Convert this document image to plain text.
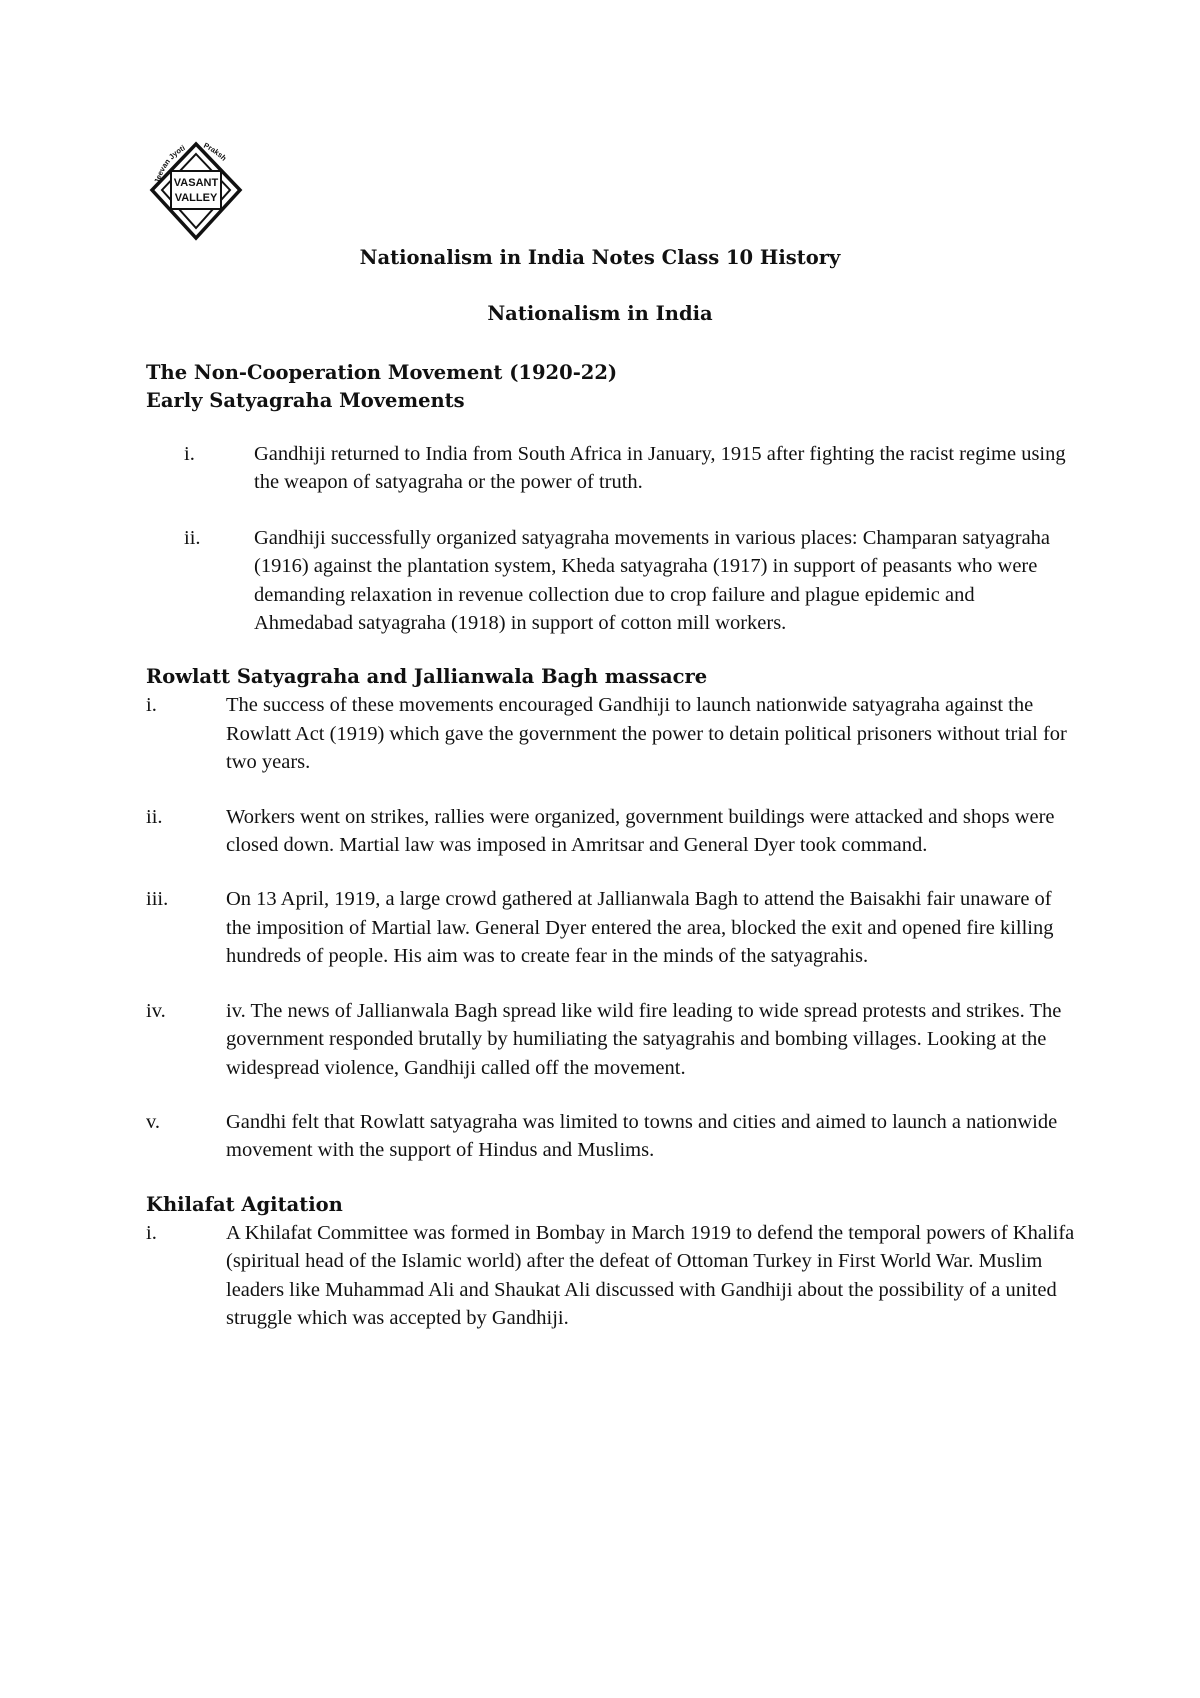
VASANT
VALLEY
Jeevan Jyoti Praksh
Nationalism in India Notes Class 10 History
Nationalism in India
The Non-Cooperation Movement (1920-22)
Early Satyagraha Movements
i.	Gandhiji returned to India from South Africa in January, 1915 after fighting the racist regime using the weapon of satyagraha or the power of truth.
ii.	Gandhiji successfully organized satyagraha movements in various places: Champaran satyagraha (1916) against the plantation system, Kheda satyagraha (1917) in support of peasants who were demanding relaxation in revenue collection due to crop failure and plague epidemic and Ahmedabad satyagraha (1918) in support of cotton mill workers.
Rowlatt Satyagraha and Jallianwala Bagh massacre
i.	The success of these movements encouraged Gandhiji to launch nationwide satyagraha against the Rowlatt Act (1919) which gave the government the power to detain political prisoners without trial for two years.
ii.	Workers went on strikes, rallies were organized, government buildings were attacked and shops were closed down. Martial law was imposed in Amritsar and General Dyer took command.
iii.	On 13 April, 1919, a large crowd gathered at Jallianwala Bagh to attend the Baisakhi fair unaware of the imposition of Martial law. General Dyer entered the area, blocked the exit and opened fire killing hundreds of people. His aim was to create fear in the minds of the satyagrahis.
iv.	iv. The news of Jallianwala Bagh spread like wild fire leading to wide spread protests and strikes. The government responded brutally by humiliating the satyagrahis and bombing villages. Looking at the widespread violence, Gandhiji called off the movement.
v.	Gandhi felt that Rowlatt satyagraha was limited to towns and cities and aimed to launch a nationwide movement with the support of Hindus and Muslims.
Khilafat Agitation
i.	A Khilafat Committee was formed in Bombay in March 1919 to defend the temporal powers of Khalifa (spiritual head of the Islamic world) after the defeat of Ottoman Turkey in First World War. Muslim leaders like Muhammad Ali and Shaukat Ali discussed with Gandhiji about the possibility of a united struggle which was accepted by Gandhiji.
